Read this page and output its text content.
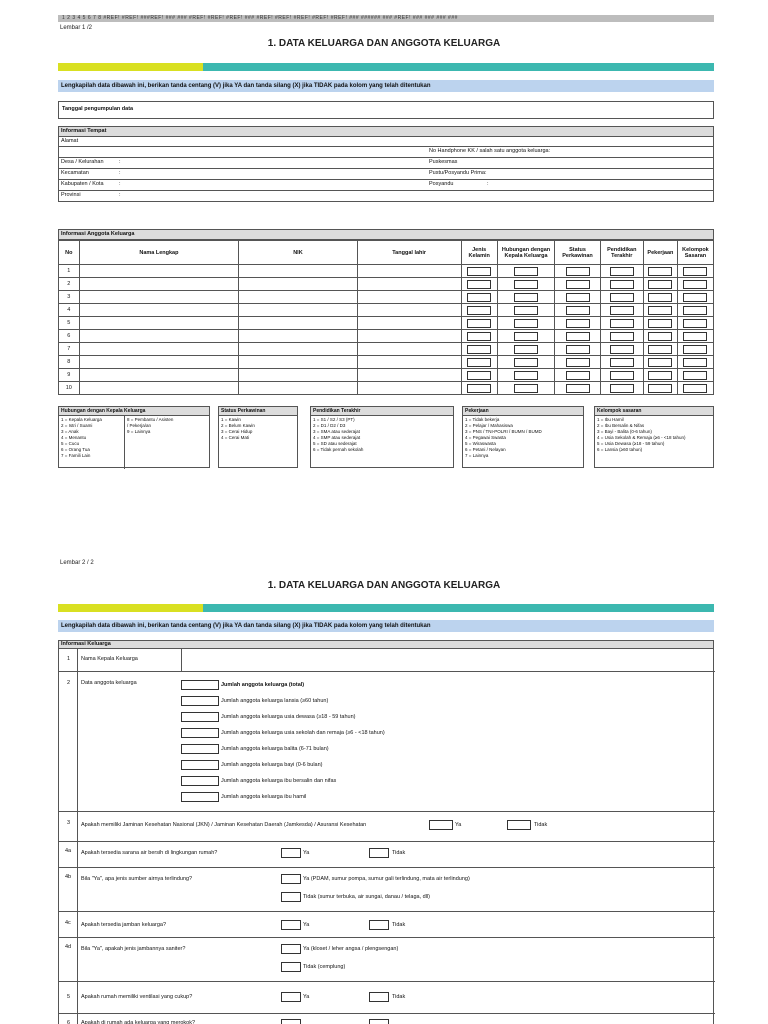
1 2 3 4 5 6 7 8 #REF! #REF! ###REF! ### ### #REF! #REF! #REF! ### #REF! #REF! #REF! #REF! #REF! ### ###### ### #REF! ### ### ### ###
Lembar 1 /2
1. DATA KELUARGA DAN ANGGOTA KELUARGA
Lengkapilah data dibawah ini, berikan tanda centang (V) jika YA dan tanda silang (X) jika TIDAK pada kolom yang telah ditentukan
Tanggal pengumpulan data
Informasi Tempat
Alamat
No Handphone KK / salah satu anggota keluarga:
Desa / Kelurahan	:	Puskesmas
Kecamatan	:	Pustu/Posyandu Prima:
Kabupaten / Kota	:	Posyandu	:
Provinsi	:
Informasi Anggota Keluarga
No	Nama Lengkap	NIK	Tanggal lahir	Jenis Kelamin	Hubungan dengan Kepala Keluarga	Status Perkawinan	Pendidikan Terakhir	Pekerjaan	Kelompok Sasaran
1									
2									
3									
4									
5									
6									
7									
8									
9									
10									
Hubungan dengan Kepala Keluarga
1 = Kepala Keluarga
2 = Istri / Suami
3 = Anak
4 = Menantu
5 = Cucu
6 = Orang Tua
7 = Famili Lain
8 = Pembantu / Asisten
/ Pekerja/an
9 = Lainnya
Status Perkawinan
1 = Kawin
2 = Belum Kawin
3 = Cerai Hidup
4 = Cerai Mati
Pendidikan Terakhir
1 = S1 / S2 / S3 (PT)
2 = D1 / D2 / D3
3 = SMA atau sederajat
4 = SMP atau sederajat
5 = SD atau sederajat
6 = Tidak pernah sekolah
Pekerjaan
1 = Tidak bekerja
2 = Pelajar / Mahasiswa
3 = PNS / TNI-POLRI / BUMN / BUMD
4 = Pegawai Swasta
5 = Wiraswasta
6 = Petani / Nelayan
7 = Lainnya
Kelompok sasaran
1 = Ibu Hamil
2 = Ibu Bersalin & Nifas
3 = Bayi - Balita (0-6 tahun)
4 = Usia Sekolah & Remaja (≥6 - <18 tahun)
5 = Usia Dewasa (≥18 - 59 tahun)
6 = Lansia (≥60 tahun)
Lembar 2 / 2
1. DATA KELUARGA DAN ANGGOTA KELUARGA
Lengkapilah data dibawah ini, berikan tanda centang (V) jika YA dan tanda silang (X) jika TIDAK pada kolom yang telah ditentukan
Informasi Keluarga
1 Nama Kepala Keluarga
2 Data anggota keluarga	Jumlah anggota keluarga (total)
Jumlah anggota keluarga lansia (≥60 tahun)
Jumlah anggota keluarga usia dewasa (≥18 - 59 tahun)
Jumlah anggota keluarga usia sekolah dan remaja (≥6 - <18 tahun)
Jumlah anggota keluarga balita (6-71 bulan)
Jumlah anggota keluarga bayi (0-6 bulan)
Jumlah anggota keluarga ibu bersalin dan nifas
Jumlah anggota keluarga ibu hamil
3 Apakah memiliki Jaminan Kesehatan Nasional (JKN) / Jaminan Kesehatan Daerah (Jamkesda) / Asuransi Kesehatan	Ya	Tidak
4a Apakah tersedia sarana air bersih di lingkungan rumah?	Ya	Tidak
4b Bila "Ya", apa jenis sumber airnya terlindung?	Ya (PDAM, sumur pompa, sumur gali terlindung, mata air terlindung)
Tidak (sumur terbuka, air sungai, danau / telaga, dll)
4c Apakah tersedia jamban keluarga?	Ya	Tidak
4d Bila "Ya", apakah jenis jambannya saniter?	Ya (kloset / leher angsa / plengsengan)
Tidak (cemplung)
5 Apakah rumah memiliki ventilasi yang cukup?	Ya	Tidak
6 Apakah di rumah ada keluarga yang merokok?
